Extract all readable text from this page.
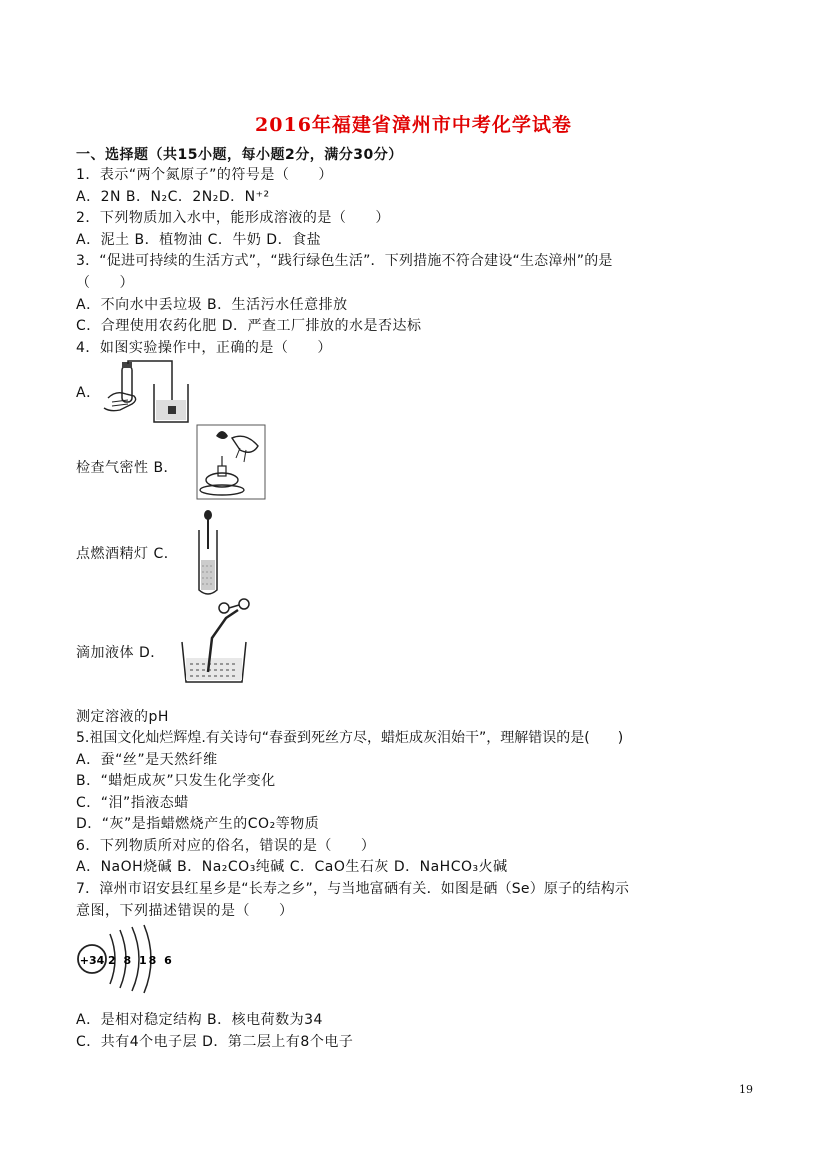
2016年福建省漳州市中考化学试卷
一、选择题（共15小题，每小题2分，满分30分）
1．表示“两个氮原子”的符号是（　　）
A．2N B．N₂C．2N₂D．N⁺²
2．下列物质加入水中，能形成溶液的是（　　）
A．泥土 B．植物油 C．牛奶 D．食盐
3．“促进可持续的生活方式”，“践行绿色生活”．下列措施不符合建设“生态漳州”的是
（　　）
A．不向水中丢垃圾 B．生活污水任意排放
C．合理使用农药化肥 D．严查工厂排放的水是否达标
4．如图实验操作中，正确的是（　　）
A．
检查气密性 B．
点燃酒精灯 C．
滴加液体 D．
测定溶液的pH
5.祖国文化灿烂辉煌.有关诗句“春蚕到死丝方尽，蜡炬成灰泪始干”，理解错误的是(　　)
A．蚕“丝”是天然纤维
B．“蜡炬成灰”只发生化学变化
C．“泪”指液态蜡
D．“灰”是指蜡燃烧产生的CO₂等物质
6．下列物质所对应的俗名，错误的是（　　）
A．NaOH烧碱 B．Na₂CO₃纯碱 C．CaO生石灰 D．NaHCO₃火碱
7．漳州市诏安县红星乡是“长寿之乡”，与当地富硒有关．如图是硒（Se）原子的结构示
意图，下列描述错误的是（　　）
+34 2 8 18 6
A．是相对稳定结构 B．核电荷数为34
C．共有4个电子层 D．第二层上有8个电子
19
